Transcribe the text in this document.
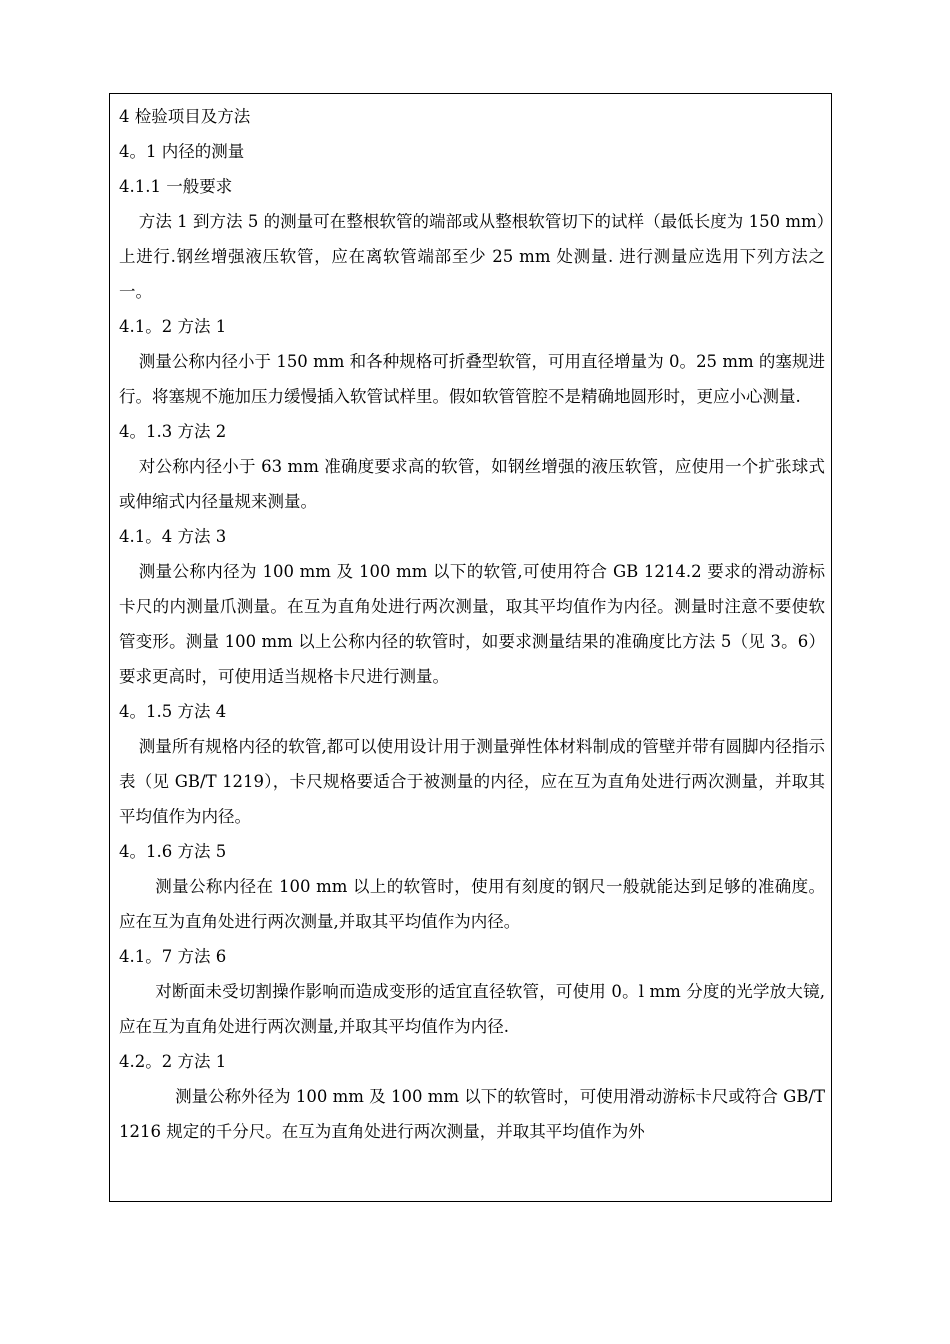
4 检验项目及方法

4。1 内径的测量

4.1.1 一般要求

方法 1 到方法 5 的测量可在整根软管的端部或从整根软管切下的试样（最低长度为 150 mm）上进行.钢丝增强液压软管，应在离软管端部至少 25 mm 处测量. 进行测量应选用下列方法之一。

4.1。2 方法 1

测量公称内径小于 150 mm 和各种规格可折叠型软管，可用直径增量为 0。25 mm 的塞规进行。将塞规不施加压力缓慢插入软管试样里。假如软管管腔不是精确地圆形时，更应小心测量.

4。1.3 方法 2

对公称内径小于 63 mm 准确度要求高的软管，如钢丝增强的液压软管，应使用一个扩张球式或伸缩式内径量规来测量。

4.1。4 方法 3

测量公称内径为 100 mm 及 100 mm 以下的软管,可使用符合 GB 1214.2 要求的滑动游标卡尺的内测量爪测量。在互为直角处进行两次测量，取其平均值作为内径。测量时注意不要使软管变形。测量 100 mm 以上公称内径的软管时，如要求测量结果的准确度比方法 5（见 3。6）要求更高时，可使用适当规格卡尺进行测量。

4。1.5 方法 4

测量所有规格内径的软管,都可以使用设计用于测量弹性体材料制成的管壁并带有圆脚内径指示表（见 GB/T 1219），卡尺规格要适合于被测量的内径，应在互为直角处进行两次测量，并取其平均值作为内径。

4。1.6 方法 5

测量公称内径在 100 mm 以上的软管时，使用有刻度的钢尺一般就能达到足够的准确度。应在互为直角处进行两次测量,并取其平均值作为内径。

4.1。7 方法 6

对断面未受切割操作影响而造成变形的适宜直径软管，可使用 0。l mm 分度的光学放大镜,应在互为直角处进行两次测量,并取其平均值作为内径.

4.2。2 方法 1

测量公称外径为 100 mm 及 100 mm 以下的软管时，可使用滑动游标卡尺或符合 GB/T 1216 规定的千分尺。在互为直角处进行两次测量，并取其平均值作为外
